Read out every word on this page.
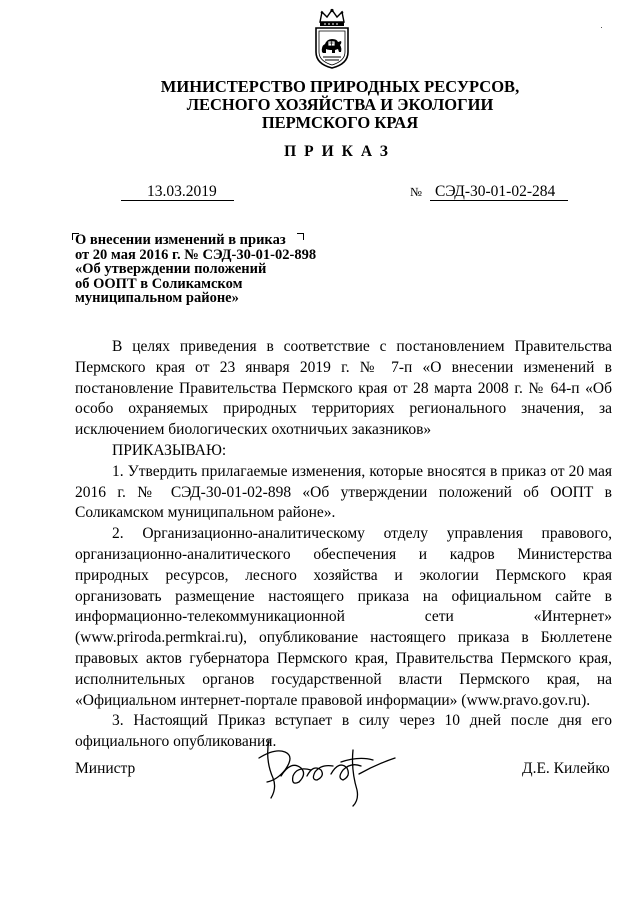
МИНИСТЕРСТВО ПРИРОДНЫХ РЕСУРСОВ,
ЛЕСНОГО ХОЗЯЙСТВА И ЭКОЛОГИИ
ПЕРМСКОГО КРАЯ
ПРИКАЗ
13.03.2019	№ СЭД-30-01-02-284
О внесении изменений в приказ
от 20 мая 2016 г. № СЭД-30-01-02-898
«Об утверждении положений
об ООПТ в Соликамском
муниципальном районе»

В целях приведения в соответствие с постановлением Правительства Пермского края от 23 января 2019 г. № 7-п «О внесении изменений в постановление Правительства Пермского края от 28 марта 2008 г. № 64-п «Об особо охраняемых природных территориях регионального значения, за исключением биологических охотничьих заказников»

ПРИКАЗЫВАЮ:

1. Утвердить прилагаемые изменения, которые вносятся в приказ от 20 мая 2016 г. № СЭД-30-01-02-898 «Об утверждении положений об ООПТ в Соликамском муниципальном районе».

2. Организационно-аналитическому отделу управления правового, организационно-аналитического обеспечения и кадров Министерства природных ресурсов, лесного хозяйства и экологии Пермского края организовать размещение настоящего приказа на официальном сайте в информационно-телекоммуникационной сети «Интернет» (www.priroda.permkrai.ru), опубликование настоящего приказа в Бюллетене правовых актов губернатора Пермского края, Правительства Пермского края, исполнительных органов государственной власти Пермского края, на «Официальном интернет-портале правовой информации» (www.pravo.gov.ru).

3. Настоящий Приказ вступает в силу через 10 дней после дня его официального опубликования.

Министр	Д.Е. Килейко
